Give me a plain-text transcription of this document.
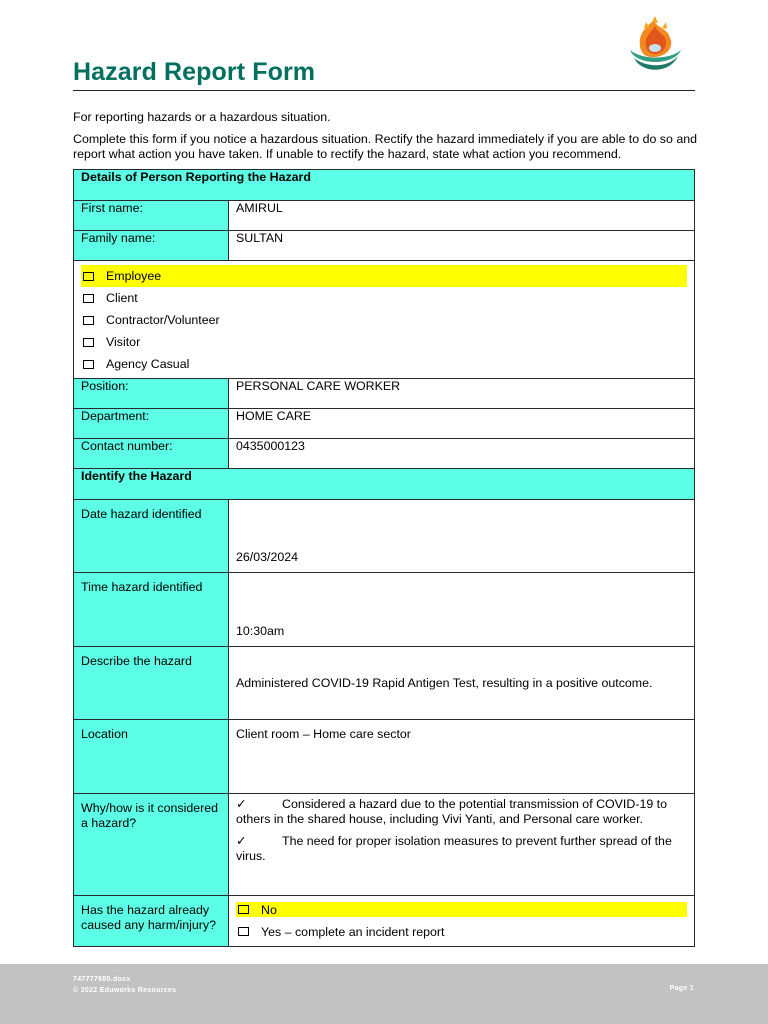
Hazard Report Form

For reporting hazards or a hazardous situation.

Complete this form if you notice a hazardous situation. Rectify the hazard immediately if you are able to do so and report what action you have taken. If unable to rectify the hazard, state what action you recommend.

Details of Person Reporting the Hazard	
First name:	AMIRUL
Family name:	SULTAN

Employee
Client
Contractor/Volunteer
Visitor
Agency Casual	

Position:	PERSONAL CARE WORKER
Department:	HOME CARE
Contact number:	0435000123
Identify the Hazard	
Date hazard identified	26/03/2024
Time hazard identified	10:30am
Describe the hazard	Administered COVID-19 Rapid Antigen Test, resulting in a positive outcome.
Location	Client room – Home care sector
Why/how is it considered a hazard?	✓ Considered a hazard due to the potential transmission of COVID-19 to others in the shared house, including Vivi Yanti, and Personal care worker.

✓ The need for proper isolation measures to prevent further spread of the virus.

Has the hazard already caused any harm/injury?	No
Yes – complete an incident report
747777685.docx
© 2022 Eduworks Resources	Page 1
